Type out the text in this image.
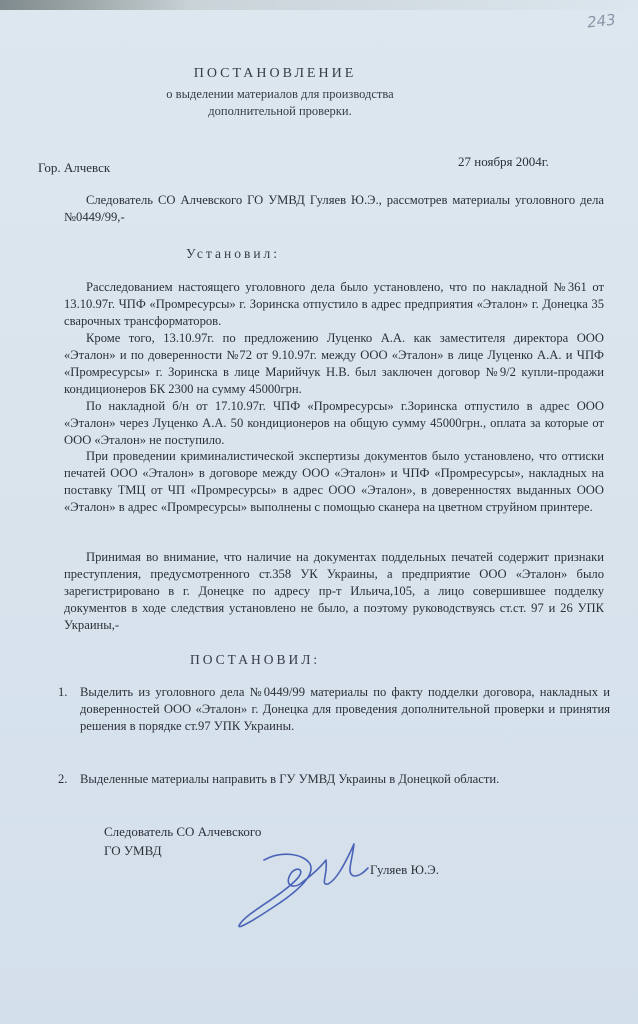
243
ПОСТАНОВЛЕНИЕ
о выделении материалов для производства
дополнительной проверки.
Гор. Алчевск	27 ноября 2004г.

Следователь СО Алчевского ГО УМВД Гуляев Ю.Э., рассмотрев материалы уголовного дела №0449/99,-

Установил:

Расследованием настоящего уголовного дела было установлено, что по накладной №361 от 13.10.97г. ЧПФ «Промресурсы» г. Зоринска отпустило в адрес предприятия «Эталон» г. Донецка 35 сварочных трансформаторов.

Кроме того, 13.10.97г. по предложению Луценко А.А. как заместителя директора ООО «Эталон» и по доверенности №72 от 9.10.97г. между ООО «Эталон» в лице Луценко А.А. и ЧПФ «Промресурсы» г. Зоринска в лице Марийчук Н.В. был заключен договор №9/2 купли-продажи кондиционеров БК 2300 на сумму 45000грн.

По накладной б/н от 17.10.97г. ЧПФ «Промресурсы» г.Зоринска отпустило в адрес ООО «Эталон» через Луценко А.А. 50 кондиционеров на общую сумму 45000грн., оплата за которые от ООО «Эталон» не поступило.

При проведении криминалистической экспертизы документов было установлено, что оттиски печатей ООО «Эталон» в договоре между ООО «Эталон» и ЧПФ «Промресурсы», накладных на поставку ТМЦ от ЧП «Промресурсы» в адрес ООО «Эталон», в доверенностях выданных ООО «Эталон» в адрес «Промресурсы» выполнены с помощью сканера на цветном струйном принтере.

Принимая во внимание, что наличие на документах поддельных печатей содержит признаки преступления, предусмотренного ст.358 УК Украины, а предприятие ООО «Эталон» было зарегистрировано в г. Донецке по адресу пр-т Ильича,105, а лицо совершившее подделку документов в ходе следствия установлено не было, а поэтому руководствуясь ст.ст. 97 и 26 УПК Украины,-

ПОСТАНОВИЛ:
1. Выделить из уголовного дела №0449/99 материалы по факту подделки договора, накладных и доверенностей ООО «Эталон» г. Донецка для проведения дополнительной проверки и принятия решения в порядке ст.97 УПК Украины.
2. Выделенные материалы направить в ГУ УМВД Украины в Донецкой области.
Следователь СО Алчевского
ГО УМВД
Гуляев Ю.Э.
